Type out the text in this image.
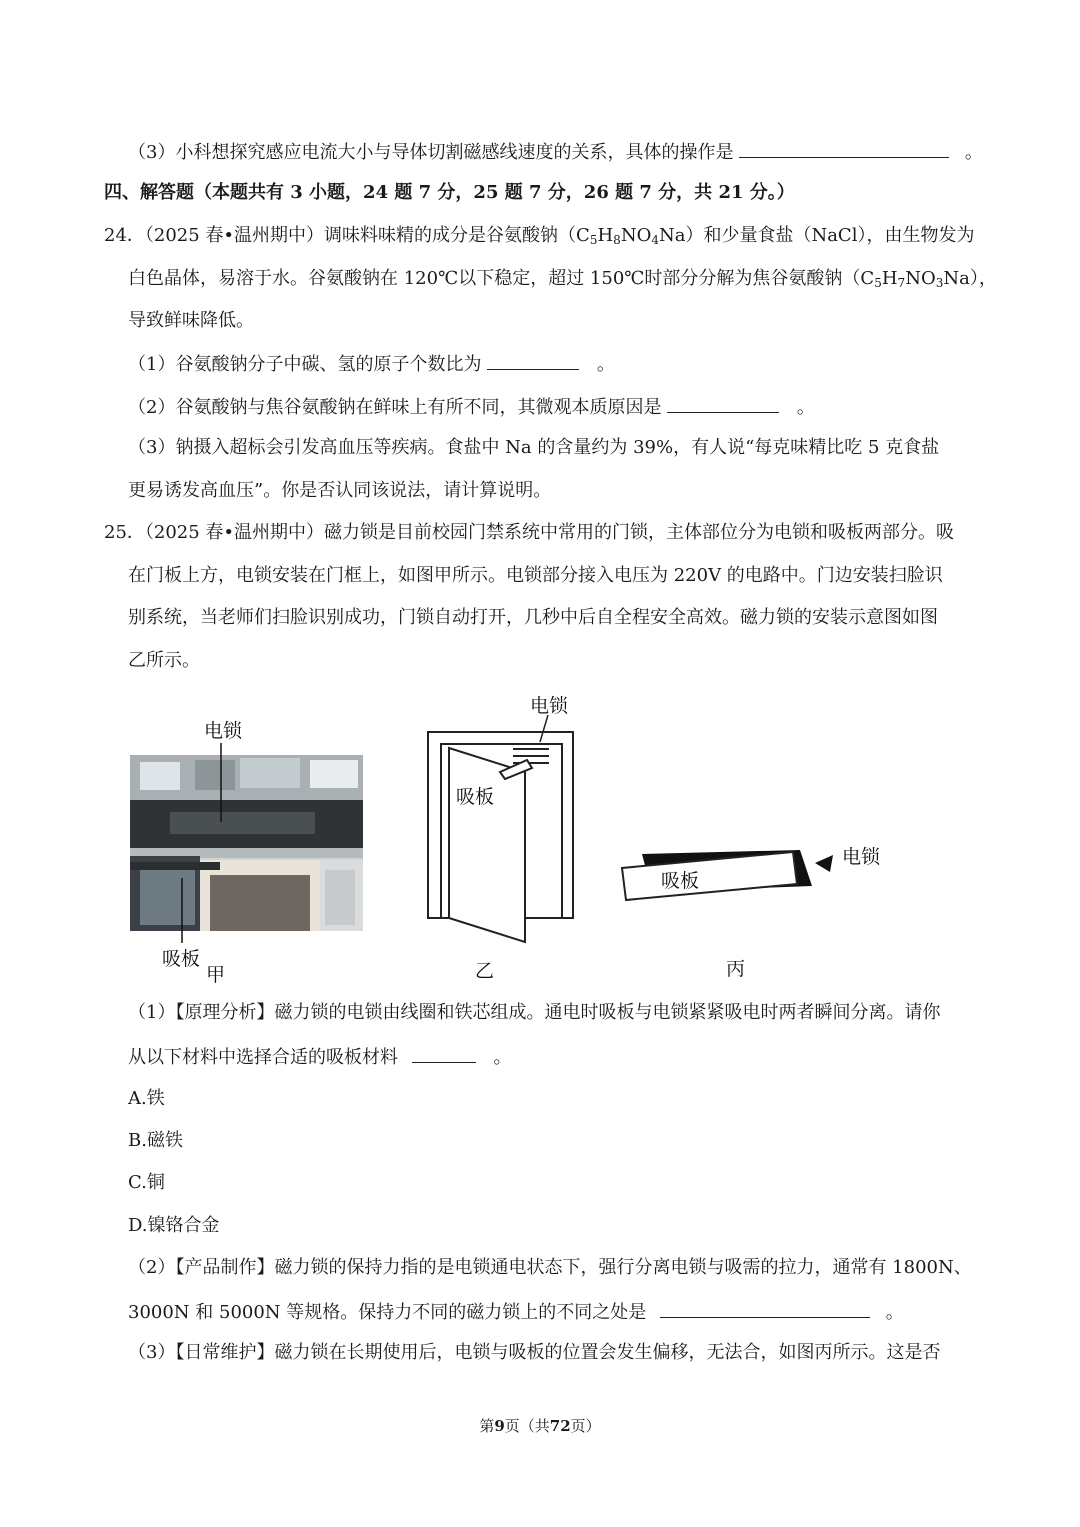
（3）小科想探究感应电流大小与导体切割磁感线速度的关系，具体的操作是	。
四、解答题（本题共有 3 小题，24 题 7 分，25 题 7 分，26 题 7 分，共 21 分。）
24．（2025 春•温州期中）调味料味精的成分是谷氨酸钠$(C_5H_8NO_4Na)$和少量食盐（NaCl），由生物发为
白色晶体，易溶于水。谷氨酸钠在 120℃以下稳定，超过 150℃时部分分解为焦谷氨酸钠$(C_5H_7NO_3Na)$，
导致鲜味降低。
（1）谷氨酸钠分子中碳、氢的原子个数比为	。
（2）谷氨酸钠与焦谷氨酸钠在鲜味上有所不同，其微观本质原因是	。
（3）钠摄入超标会引发高血压等疾病。食盐中 Na 的含量约为 39%，有人说“每克味精比吃 5 克食盐
更易诱发高血压”。你是否认同该说法，请计算说明。
25．（2025 春•温州期中）磁力锁是目前校园门禁系统中常用的门锁，主体部位分为电锁和吸板两部分。吸
在门板上方，电锁安装在门框上，如图甲所示。电锁部分接入电压为 220V 的电路中。门边安装扫脸识
别系统，当老师们扫脸识别成功，门锁自动打开，几秒中后自全程安全高效。磁力锁的安装示意图如图
乙所示。
电锁
吸板
甲
电锁
吸板
乙
电锁
吸板
丙
（1）【原理分析】磁力锁的电锁由线圈和铁芯组成。通电时吸板与电锁紧紧吸电时两者瞬间分离。请你
从以下材料中选择合适的吸板材料	。
A.铁
B.磁铁
C.铜
D.镍铬合金
（2）【产品制作】磁力锁的保持力指的是电锁通电状态下，强行分离电锁与吸需的拉力，通常有 1800N、
3000N 和 5000N 等规格。保持力不同的磁力锁上的不同之处是	。
（3）【日常维护】磁力锁在长期使用后，电锁与吸板的位置会发生偏移，无法合，如图丙所示。这是否
第9页（共72页）
